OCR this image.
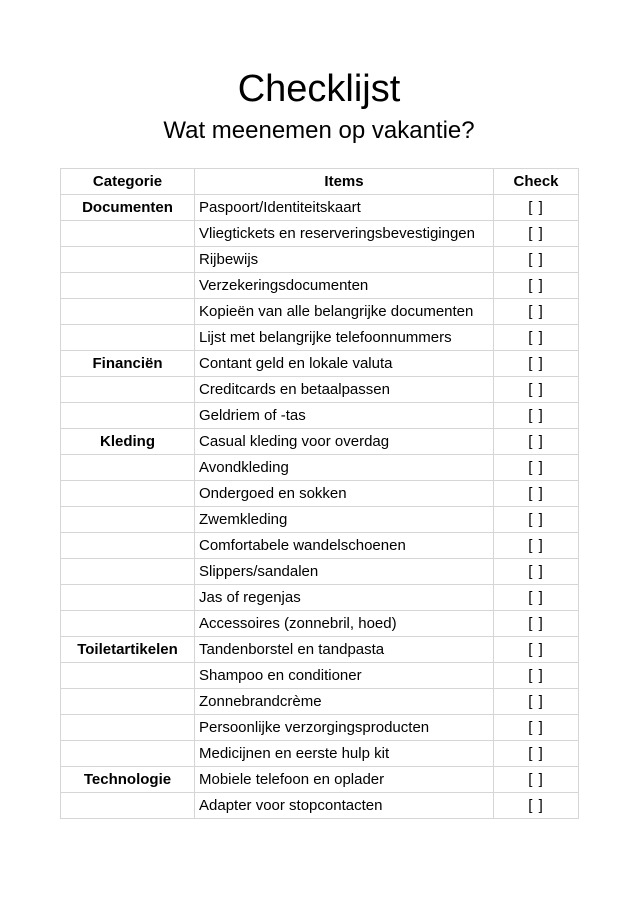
Checklijst
Wat meenemen op vakantie?
Categorie	Items	Check
Documenten	Paspoort/Identiteitskaart	[ ]
	Vliegtickets en reserveringsbevestigingen	[ ]
	Rijbewijs	[ ]
	Verzekeringsdocumenten	[ ]
	Kopieën van alle belangrijke documenten	[ ]
	Lijst met belangrijke telefoonnummers	[ ]
Financiën	Contant geld en lokale valuta	[ ]
	Creditcards en betaalpassen	[ ]
	Geldriem of -tas	[ ]
Kleding	Casual kleding voor overdag	[ ]
	Avondkleding	[ ]
	Ondergoed en sokken	[ ]
	Zwemkleding	[ ]
	Comfortabele wandelschoenen	[ ]
	Slippers/sandalen	[ ]
	Jas of regenjas	[ ]
	Accessoires (zonnebril, hoed)	[ ]
Toiletartikelen	Tandenborstel en tandpasta	[ ]
	Shampoo en conditioner	[ ]
	Zonnebrandcrème	[ ]
	Persoonlijke verzorgingsproducten	[ ]
	Medicijnen en eerste hulp kit	[ ]
Technologie	Mobiele telefoon en oplader	[ ]
	Adapter voor stopcontacten	[ ]
